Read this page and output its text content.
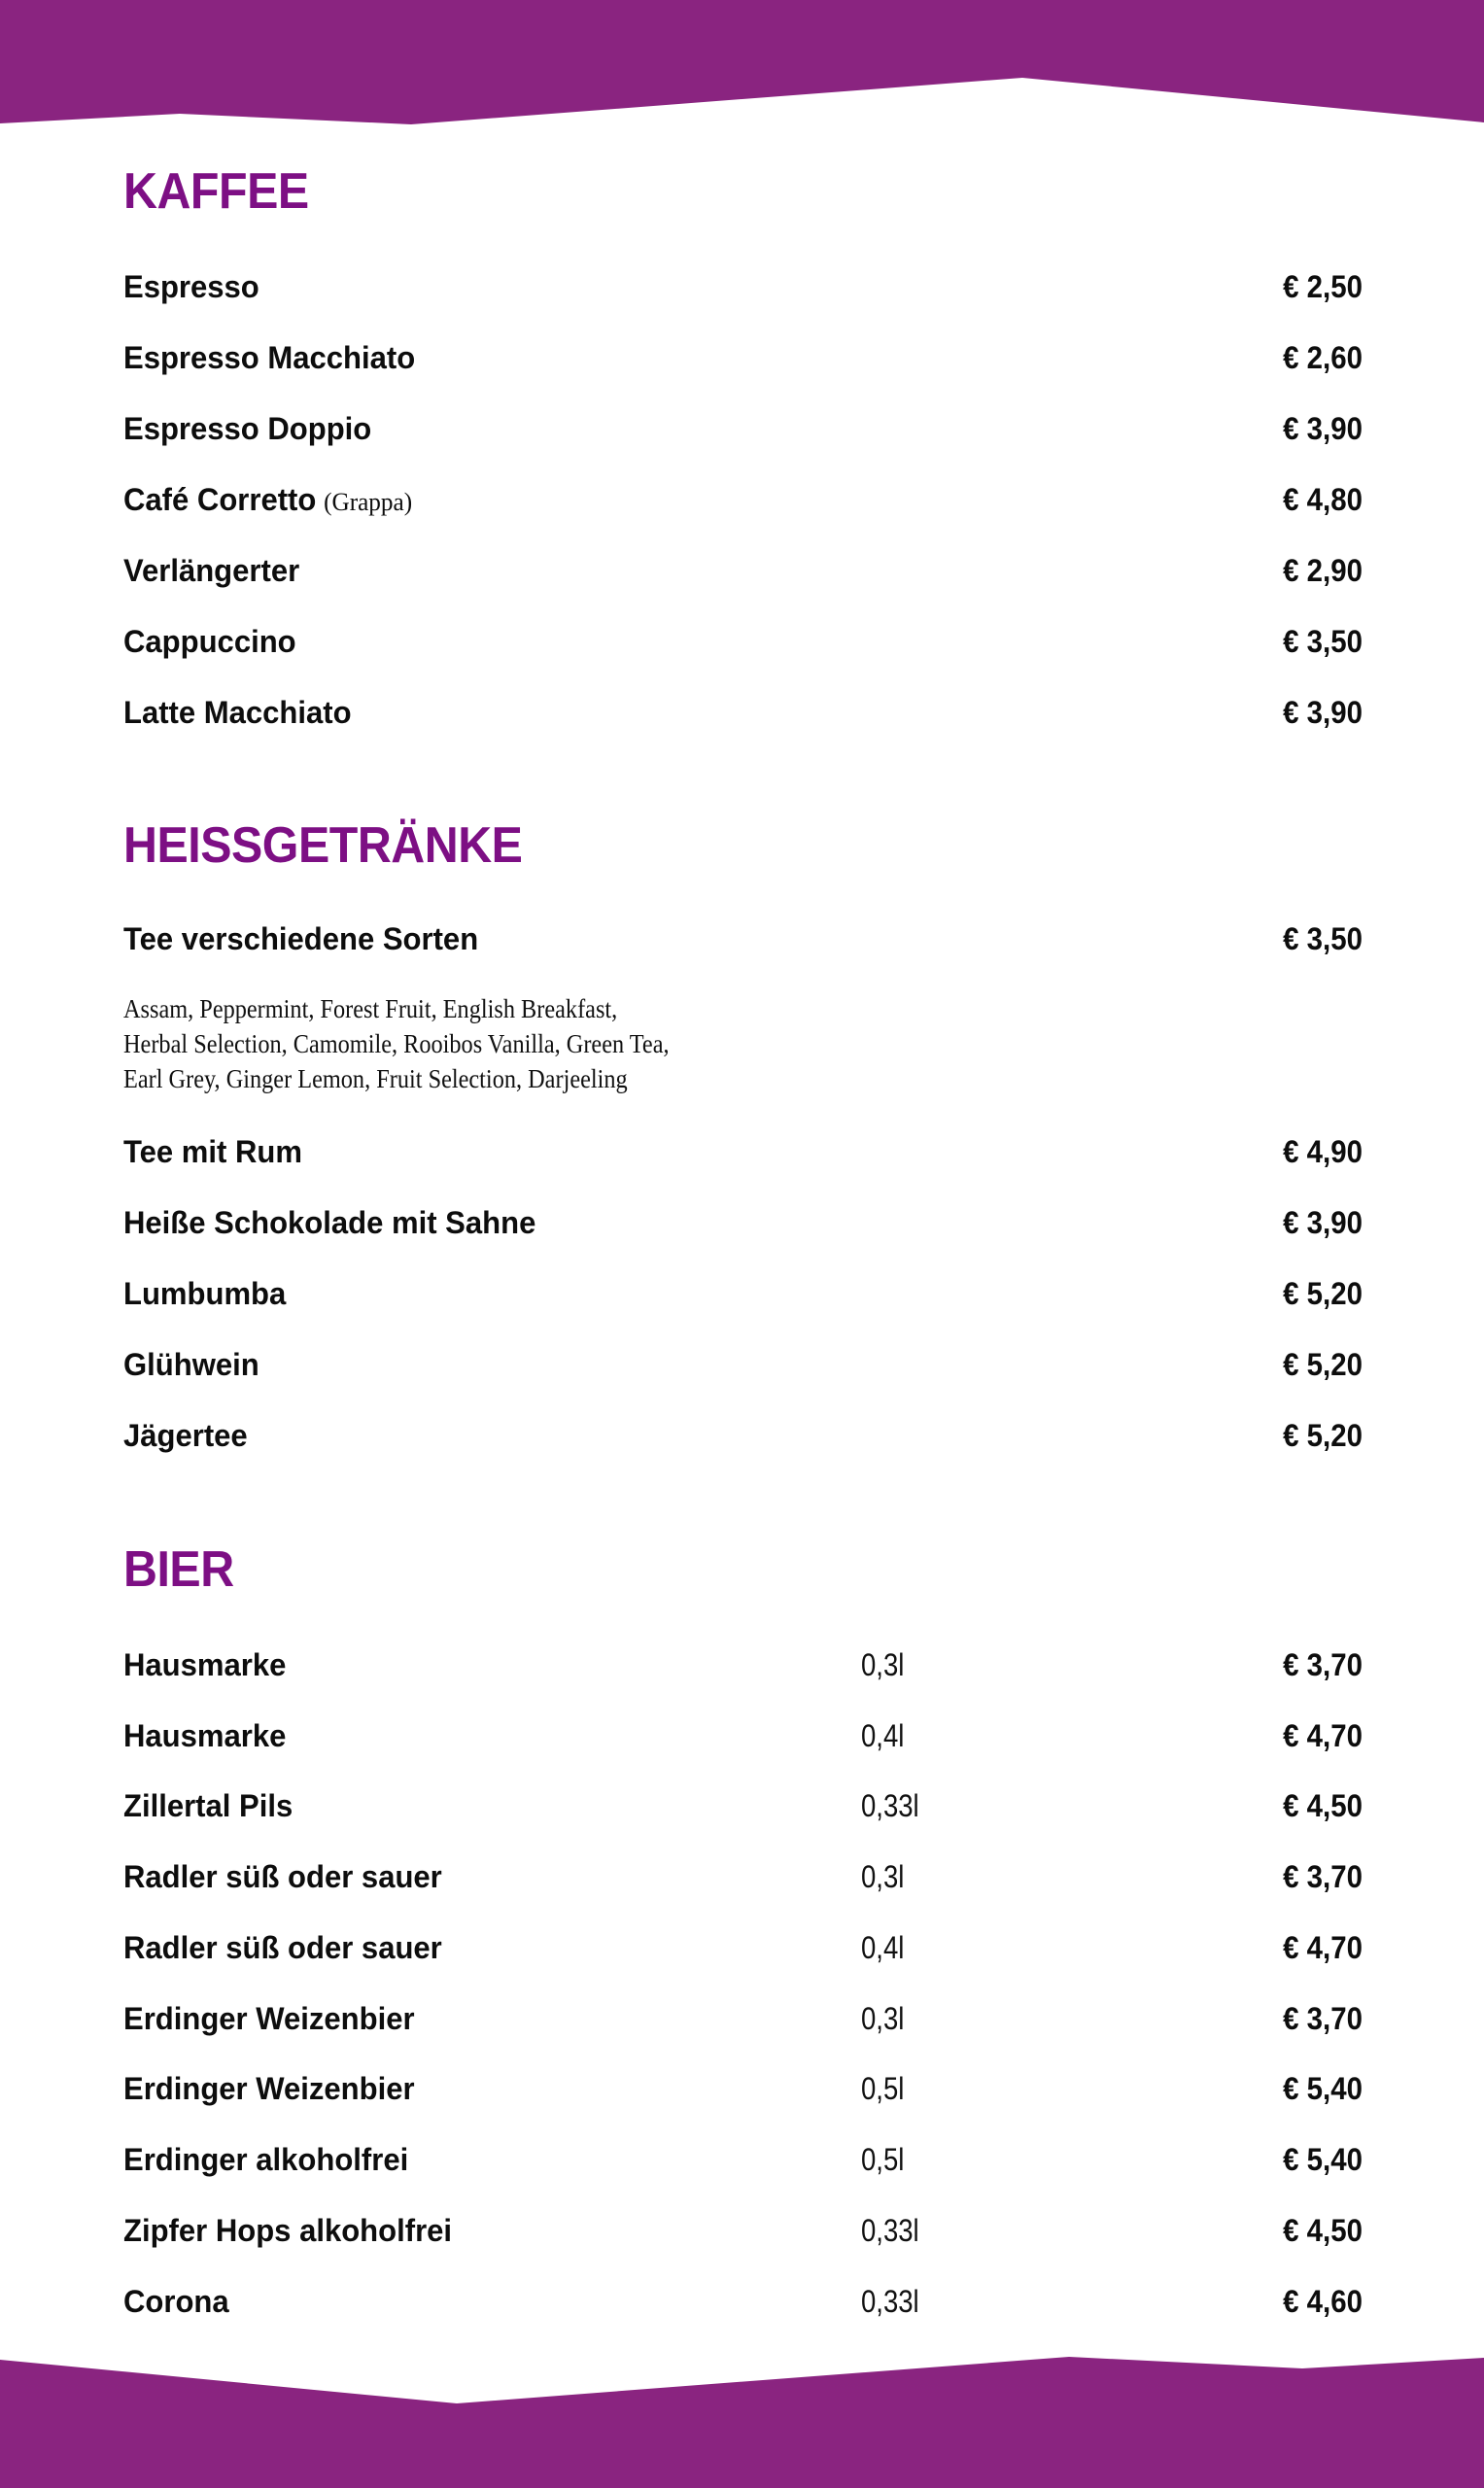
KAFFEE
Espresso	€ 2,50
Espresso Macchiato	€ 2,60
Espresso Doppio	€ 3,90
Café Corretto (Grappa)	€ 4,80
Verlängerter	€ 2,90
Cappuccino	€ 3,50
Latte Macchiato	€ 3,90
HEISSGETRÄNKE
Tee verschiedene Sorten	€ 3,50
Assam, Peppermint, Forest Fruit, English Breakfast,
Herbal Selection, Camomile, Rooibos Vanilla, Green Tea,
Earl Grey, Ginger Lemon, Fruit Selection, Darjeeling
Tee mit Rum	€ 4,90
Heiße Schokolade mit Sahne	€ 3,90
Lumbumba	€ 5,20
Glühwein	€ 5,20
Jägertee	€ 5,20
BIER
Hausmarke	0,3l	€ 3,70
Hausmarke	0,4l	€ 4,70
Zillertal Pils	0,33l	€ 4,50
Radler süß oder sauer	0,3l	€ 3,70
Radler süß oder sauer	0,4l	€ 4,70
Erdinger Weizenbier	0,3l	€ 3,70
Erdinger Weizenbier	0,5l	€ 5,40
Erdinger alkoholfrei	0,5l	€ 5,40
Zipfer Hops alkoholfrei	0,33l	€ 4,50
Corona	0,33l	€ 4,60
